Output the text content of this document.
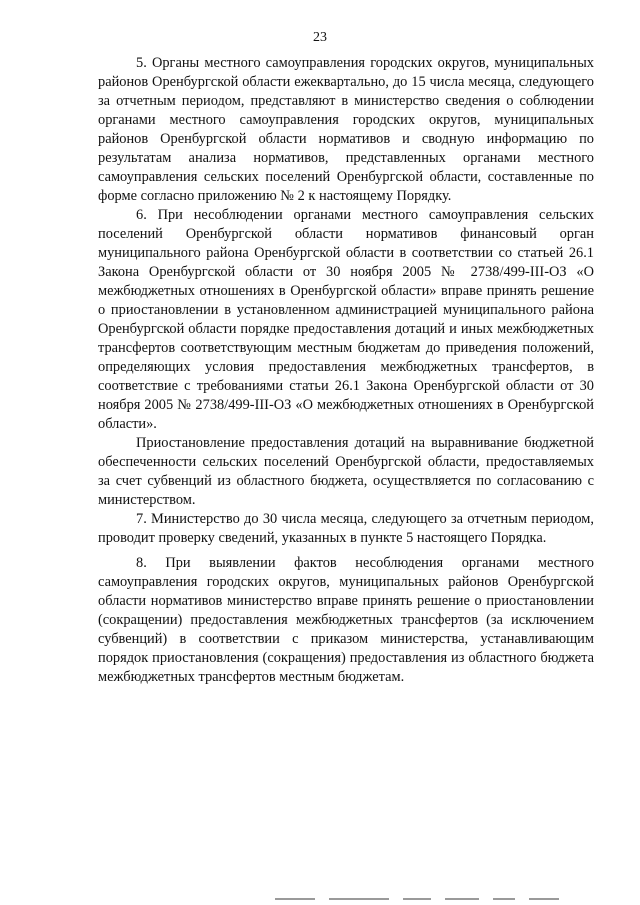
23

5. Органы местного самоуправления городских округов, муниципальных районов Оренбургской области ежеквартально, до 15 числа месяца, следующего за отчетным периодом, представляют в министерство сведения о соблюдении органами местного самоуправления городских округов, муниципальных районов Оренбургской области нормативов и сводную информацию по результатам анализа нормативов, представленных органами местного самоуправления сельских поселений Оренбургской области, составленные по форме согласно приложению № 2 к настоящему Порядку.

6. При несоблюдении органами местного самоуправления сельских поселений Оренбургской области нормативов финансовый орган муниципального района Оренбургской области в соответствии со статьей 26.1 Закона Оренбургской области от 30 ноября 2005 № 2738/499-III-ОЗ «О межбюджетных отношениях в Оренбургской области» вправе принять решение о приостановлении в установленном администрацией муниципального района Оренбургской области порядке предоставления дотаций и иных межбюджетных трансфертов соответствующим местным бюджетам до приведения положений, определяющих условия предоставления межбюджетных трансфертов, в соответствие с требованиями статьи 26.1 Закона Оренбургской области от 30 ноября 2005 № 2738/499-III-ОЗ «О межбюджетных отношениях в Оренбургской области».

Приостановление предоставления дотаций на выравнивание бюджетной обеспеченности сельских поселений Оренбургской области, предоставляемых за счет субвенций из областного бюджета, осуществляется по согласованию с министерством.

7. Министерство до 30 числа месяца, следующего за отчетным периодом, проводит проверку сведений, указанных в пункте 5 настоящего Порядка.

8. При выявлении фактов несоблюдения органами местного самоуправления городских округов, муниципальных районов Оренбургской области нормативов министерство вправе принять решение о приостановлении (сокращении) предоставления межбюджетных трансфертов (за исключением субвенций) в соответствии с приказом министерства, устанавливающим порядок приостановления (сокращения) предоставления из областного бюджета межбюджетных трансфертов местным бюджетам.
